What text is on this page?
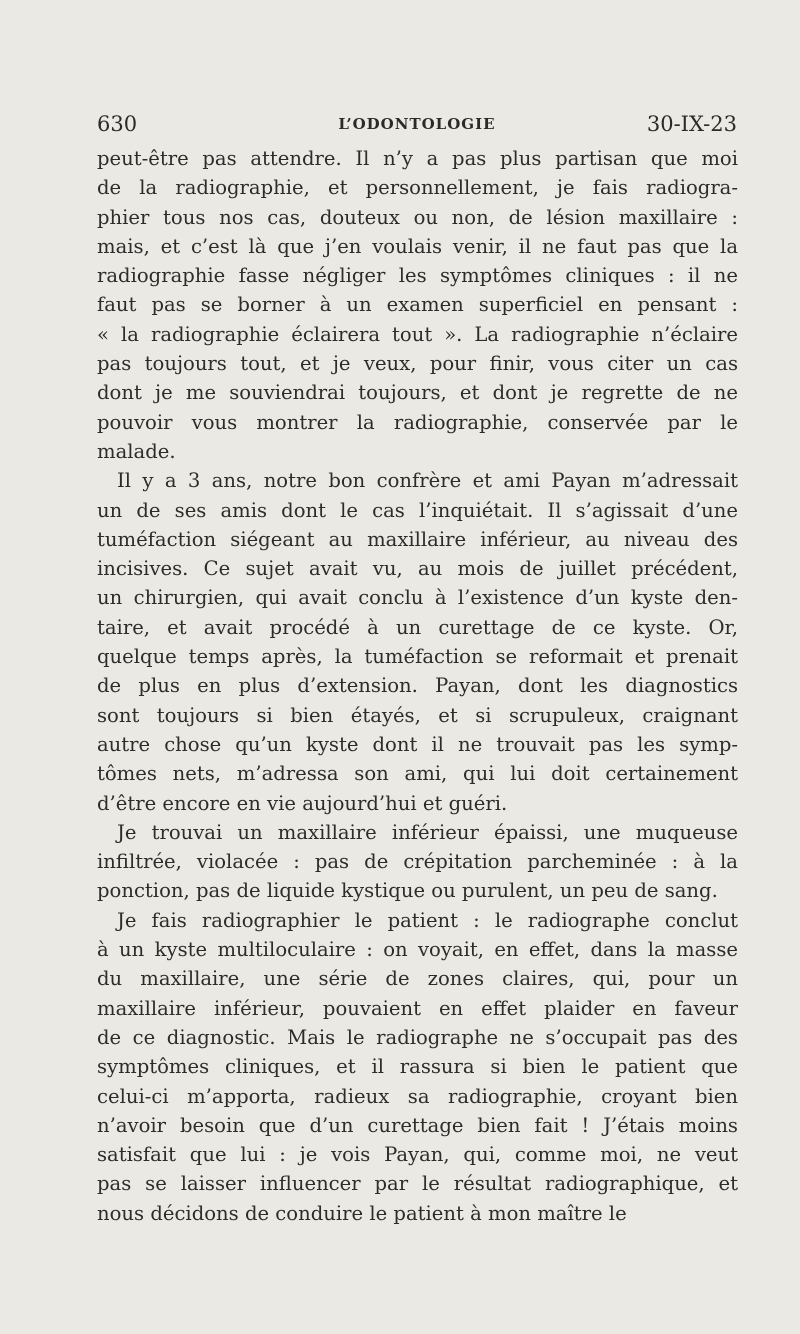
630	L’ODONTOLOGIE	30-IX-23
peut-être pas attendre. Il n’y a pas plus partisan que moi
de la radiographie, et personnellement, je fais radiogra-
phier tous nos cas, douteux ou non, de lésion maxillaire :
mais, et c’est là que j’en voulais venir, il ne faut pas que la
radiographie fasse négliger les symptômes cliniques : il ne
faut pas se borner à un examen superficiel en pensant :
« la radiographie éclairera tout ». La radiographie n’éclaire
pas toujours tout, et je veux, pour finir, vous citer un cas
dont je me souviendrai toujours, et dont je regrette de ne
pouvoir vous montrer la radiographie, conservée par le
malade.
Il y a 3 ans, notre bon confrère et ami Payan m’adressait
un de ses amis dont le cas l’inquiétait. Il s’agissait d’une
tuméfaction siégeant au maxillaire inférieur, au niveau des
incisives. Ce sujet avait vu, au mois de juillet précédent,
un chirurgien, qui avait conclu à l’existence d’un kyste den-
taire, et avait procédé à un curettage de ce kyste. Or,
quelque temps après, la tuméfaction se reformait et prenait
de plus en plus d’extension. Payan, dont les diagnostics
sont toujours si bien étayés, et si scrupuleux, craignant
autre chose qu’un kyste dont il ne trouvait pas les symp-
tômes nets, m’adressa son ami, qui lui doit certainement
d’être encore en vie aujourd’hui et guéri.
Je trouvai un maxillaire inférieur épaissi, une muqueuse
infiltrée, violacée : pas de crépitation parcheminée : à la
ponction, pas de liquide kystique ou purulent, un peu de sang.
Je fais radiographier le patient : le radiographe conclut
à un kyste multiloculaire : on voyait, en effet, dans la masse
du maxillaire, une série de zones claires, qui, pour un
maxillaire inférieur, pouvaient en effet plaider en faveur
de ce diagnostic. Mais le radiographe ne s’occupait pas des
symptômes cliniques, et il rassura si bien le patient que
celui-ci m’apporta, radieux sa radiographie, croyant bien
n’avoir besoin que d’un curettage bien fait ! J’étais moins
satisfait que lui : je vois Payan, qui, comme moi, ne veut
pas se laisser influencer par le résultat radiographique, et
nous décidons de conduire le patient à mon maître le
